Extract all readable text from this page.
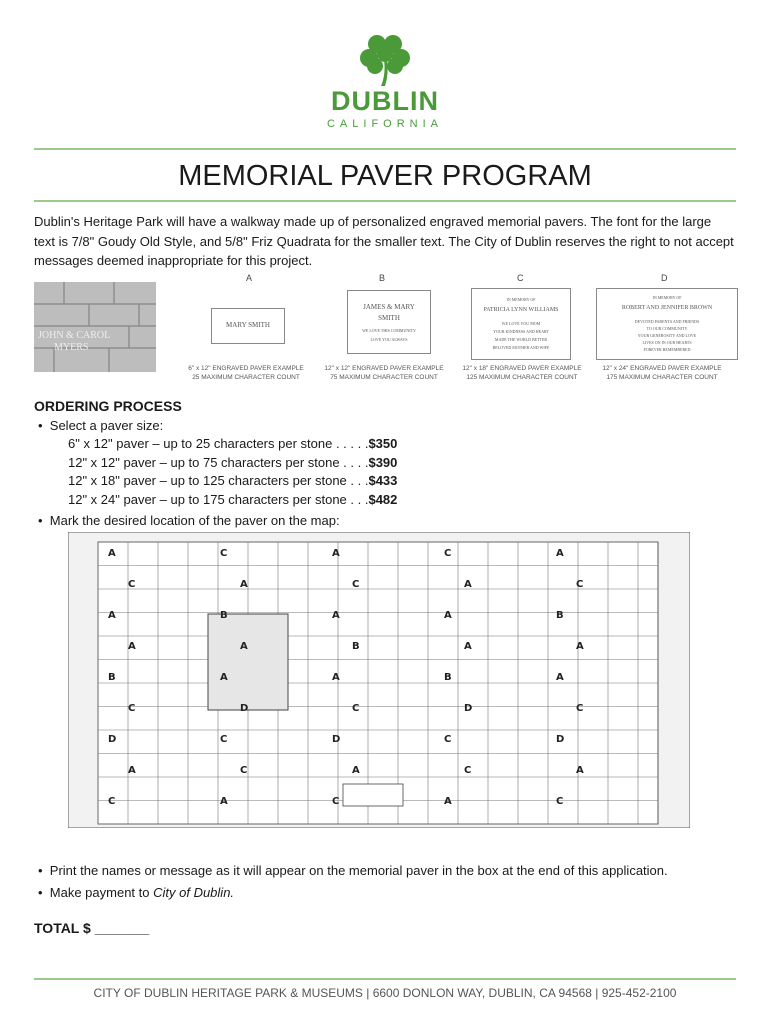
DUBLIN
CALIFORNIA
MEMORIAL PAVER PROGRAM
Dublin's Heritage Park will have a walkway made up of personalized engraved memorial pavers. The font for the large text is 7/8" Goudy Old Style, and 5/8" Friz Quadrata for the smaller text. The City of Dublin reserves the right to not accept messages deemed inappropriate for this project.
JOHN & CAROL
MYERS
A
MARY SMITH
6" x 12" ENGRAVED PAVER EXAMPLE
25 MAXIMUM CHARACTER COUNT
B
JAMES & MARY
SMITH
WE LOVE THIS COMMUNITY
LOVE YOU ALWAYS
12" x 12" ENGRAVED PAVER EXAMPLE
75 MAXIMUM CHARACTER COUNT
C
IN MEMORY OF
PATRICIA LYNN WILLIAMS
WE LOVE YOU MOM
YOUR KINDNESS AND HEART
MADE THE WORLD BETTER
BELOVED MOTHER AND WIFE
12" x 18" ENGRAVED PAVER EXAMPLE
125 MAXIMUM CHARACTER COUNT
D
IN MEMORY OF
ROBERT AND JENNIFER BROWN
DEVOTED PARENTS AND FRIENDS
TO OUR COMMUNITY
YOUR GENEROSITY AND LOVE
LIVES ON IN OUR HEARTS
FOREVER REMEMBERED
12" x 24" ENGRAVED PAVER EXAMPLE
175 MAXIMUM CHARACTER COUNT
ORDERING PROCESS
•  Select a paver size:
6" x 12" paver – up to 25 characters per stone . . . . .$350
12" x 12" paver – up to 75 characters per stone . . . .$390
12" x 18" paver – up to 125 characters per stone . . .$433
12" x 24" paver – up to 175 characters per stone . . .$482
•  Mark the desired location of the paver on the map:
A	C	A	C	A
C	A	C	A	C
A	B	A	A	B
A	A	B	A	A
B	A	A	B	A
C	D	C	D	C
D	C	D	C	D
A	C	A	C	A
C	A	C	A	C
•  Print the names or message as it will appear on the memorial paver in the box at the end of this application.
•  Make payment to City of Dublin.
TOTAL $ _______
CITY OF DUBLIN HERITAGE PARK & MUSEUMS | 6600 DONLON WAY, DUBLIN, CA 94568 | 925-452-2100
